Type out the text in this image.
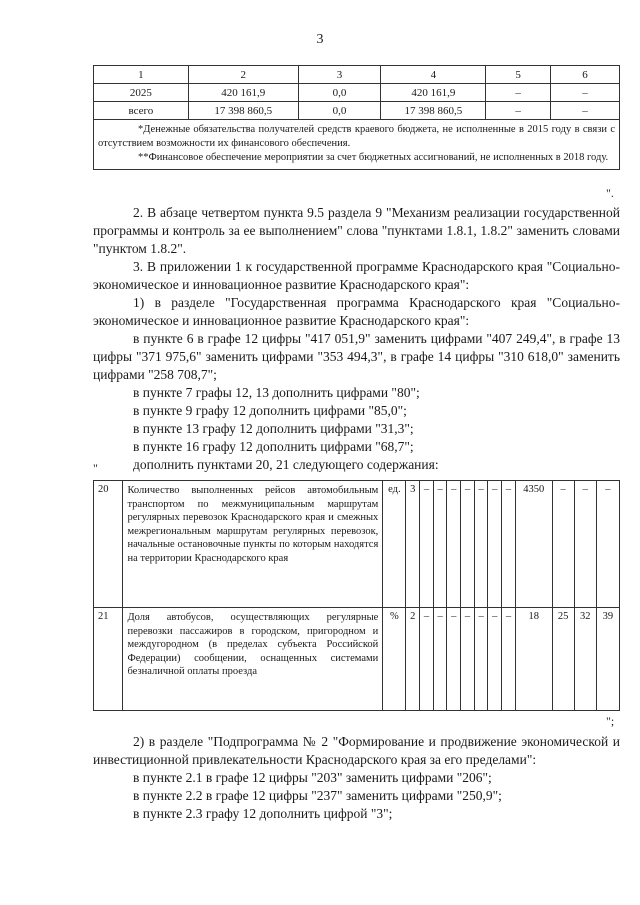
3
1	2	3	4	5	6
2025	420 161,9	0,0	420 161,9	–	–
всего	17 398 860,5	0,0	17 398 860,5	–	–

*Денежные обязательства получателей средств краевого бюджета, не исполненные в 2015 году в связи с отсутствием возможности их финансового обеспечения.

**Финансовое обеспечение мероприятии за счет бюджетных ассигнований, не исполненных в 2018 году.					

".

2. В абзаце четвертом пункта 9.5 раздела 9 "Механизм реализации государственной программы и контроль за ее выполнением" слова "пунктами 1.8.1, 1.8.2" заменить словами "пунктом 1.8.2".

3. В приложении 1 к государственной программе Краснодарского края "Социально-экономическое и инновационное развитие Краснодарского края":

1) в разделе "Государственная программа Краснодарского края "Социально-экономическое и инновационное развитие Краснодарского края":

в пункте 6 в графе 12 цифры "417 051,9" заменить цифрами "407 249,4", в графе 13 цифры "371 975,6" заменить цифрами "353 494,3", в графе 14 цифры "310 618,0" заменить цифрами "258 708,7";

в пункте 7 графы 12, 13 дополнить цифрами "80";

в пункте 9 графу 12 дополнить цифрами "85,0";

в пункте 13 графу 12 дополнить цифрами "31,3";

в пункте 16 графу 12 дополнить цифрами "68,7";

дополнить пунктами 20, 21 следующего содержания:

"
20	Количество выполненных рейсов автомобильным транспортом по межмуниципальным маршрутам регулярных перевозок Краснодарского края и смежных межрегиональным маршрутам регулярных перевозок, начальные остановочные пункты по которым находятся на территории Краснодарского края	ед.	3	–	–	–	–	–	–	–	4350	–	–	–
21	Доля автобусов, осуществляющих регулярные перевозки пассажиров в городском, пригородном и междугородном (в пределах субъекта Российской Федерации) сообщении, оснащенных системами безналичной оплаты проезда	%	2	–	–	–	–	–	–	–	18	25	32	39
";

2) в разделе "Подпрограмма № 2 "Формирование и продвижение экономической и инвестиционной привлекательности Краснодарского края за его пределами":

в пункте 2.1 в графе 12 цифры "203" заменить цифрами "206";

в пункте 2.2 в графе 12 цифры "237" заменить цифрами "250,9";

в пункте 2.3 графу 12 дополнить цифрой "3";
